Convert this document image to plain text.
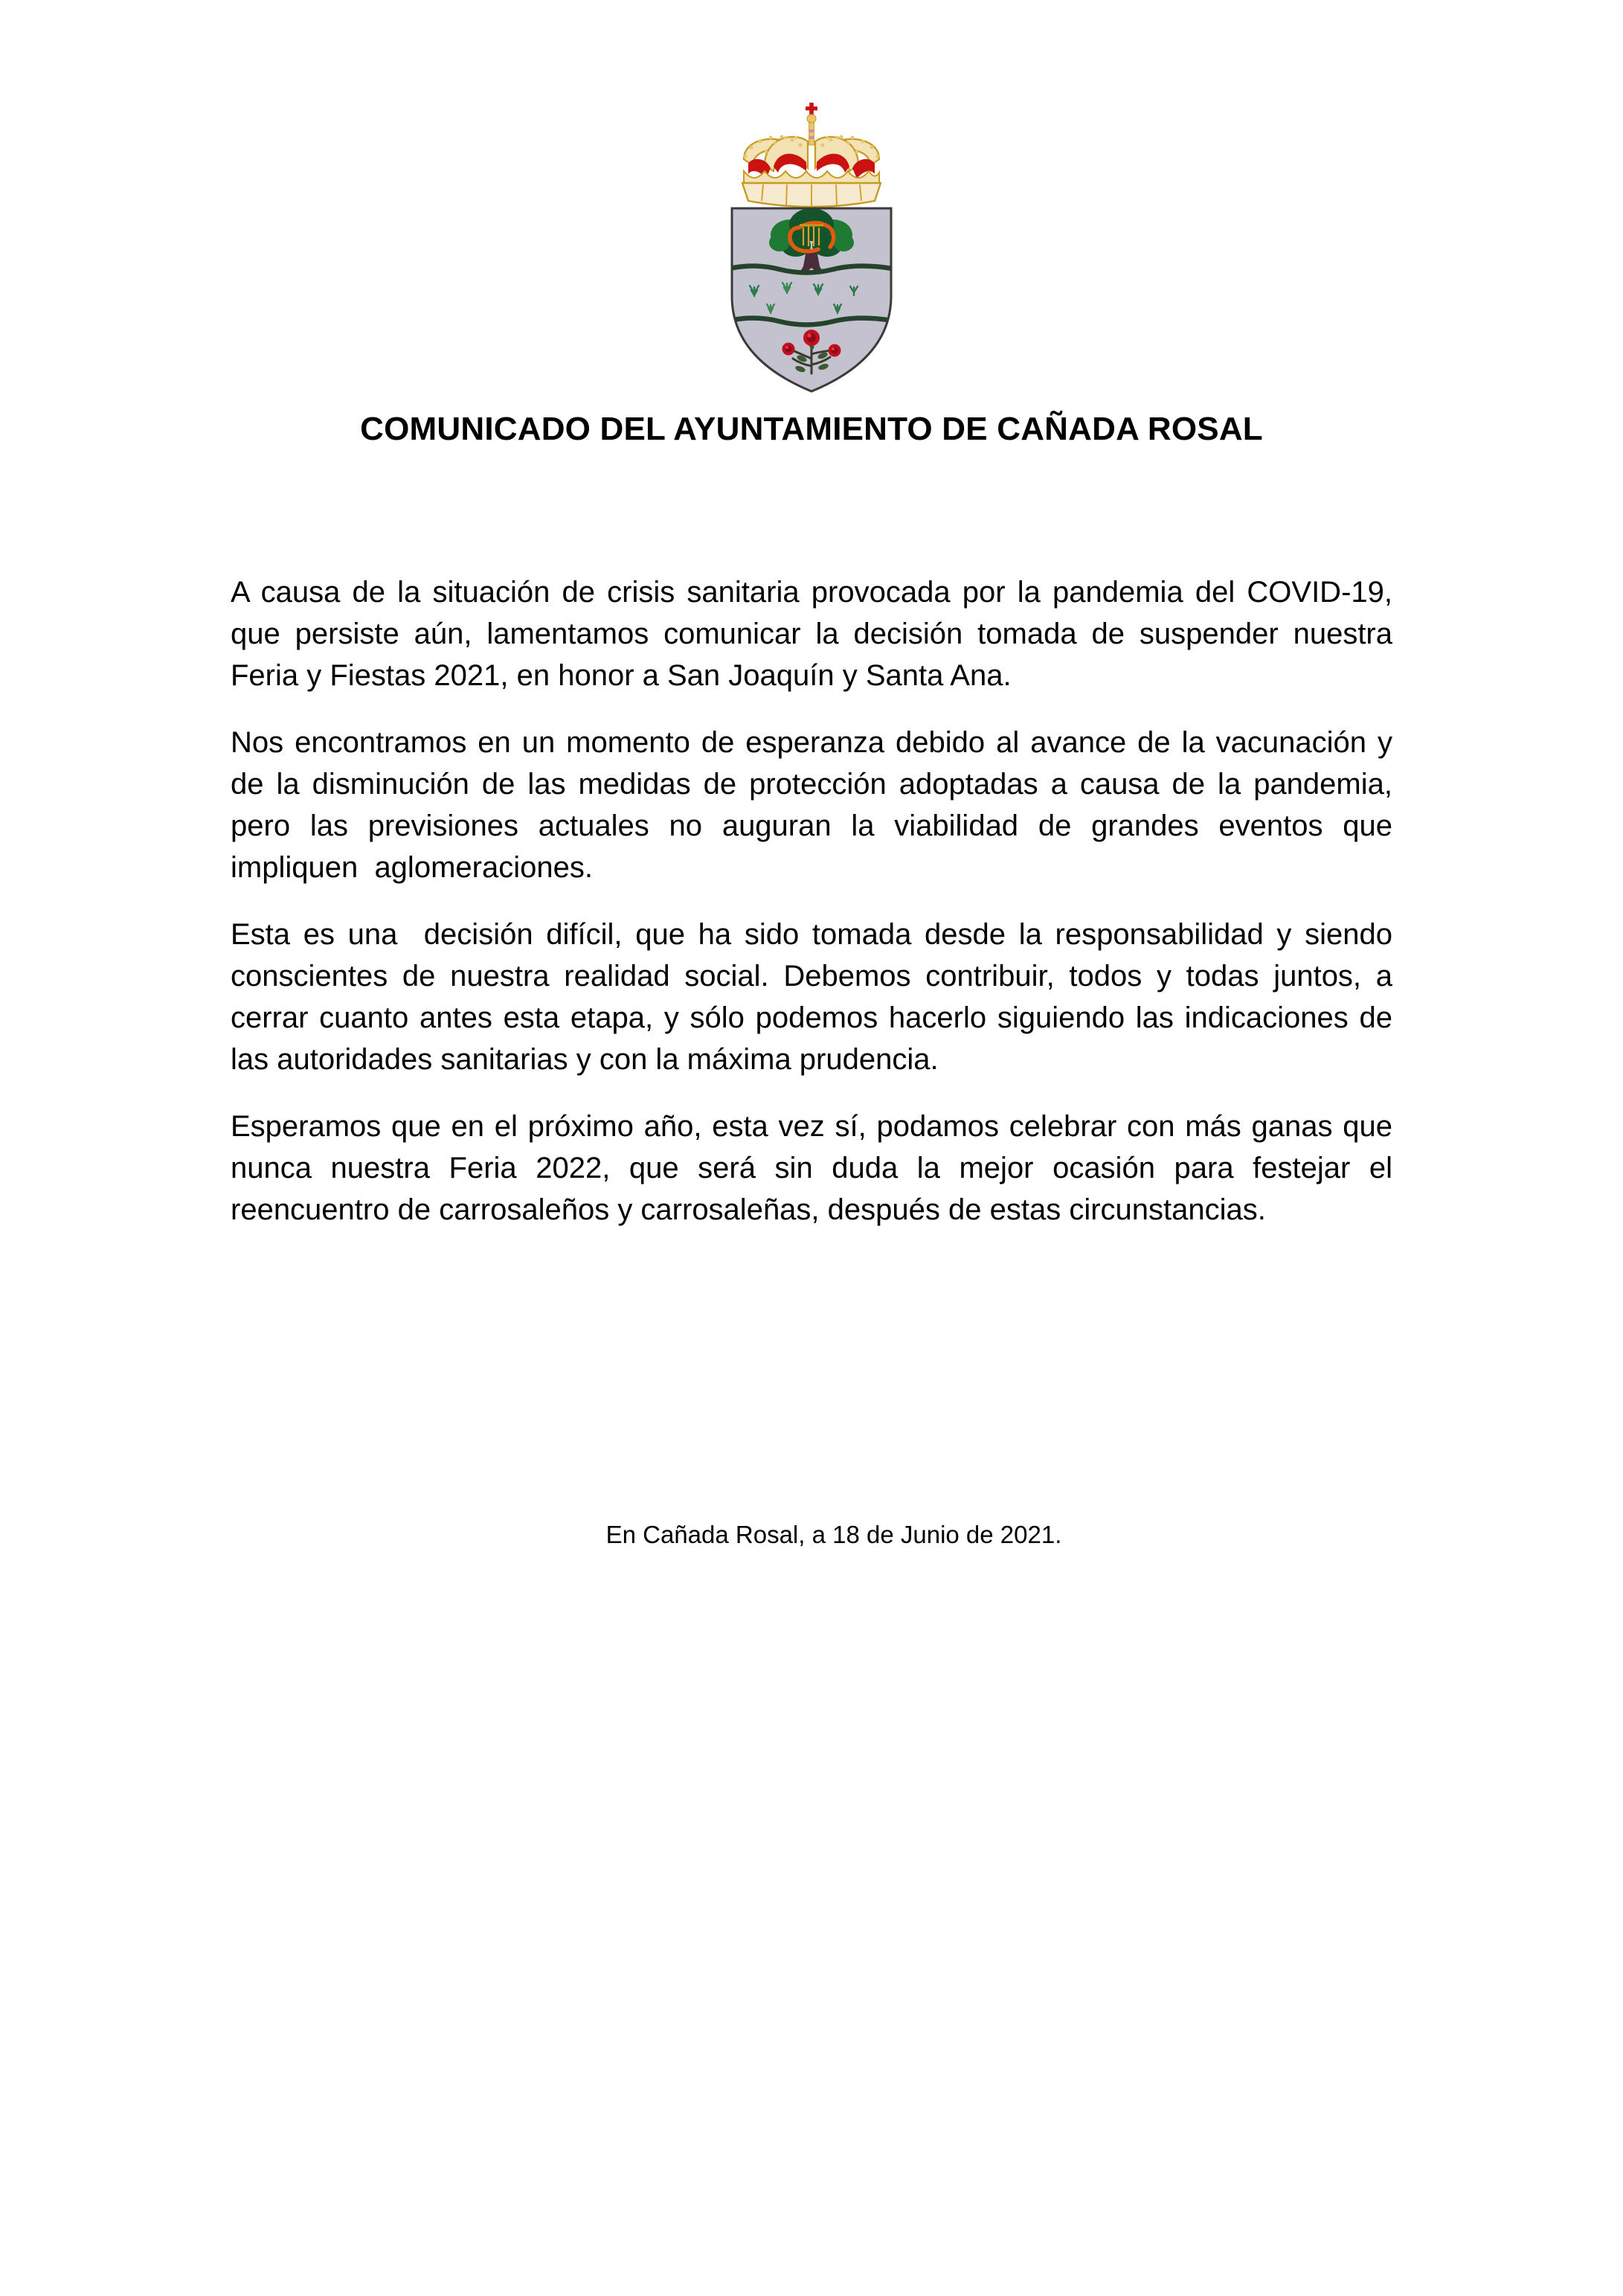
COMUNICADO DEL AYUNTAMIENTO DE CAÑADA ROSAL

A causa de la situación de crisis sanitaria provocada por la pandemia del COVID-19, que persiste aún, lamentamos comunicar la decisión tomada de suspender nuestra Feria y Fiestas 2021, en honor a San Joaquín y Santa Ana.

Nos encontramos en un momento de esperanza debido al avance de la vacunación y de la disminución de las medidas de protección adoptadas a causa de la pandemia, pero las previsiones actuales no auguran la viabilidad de grandes eventos que impliquen  aglomeraciones.

Esta es una  decisión difícil, que ha sido tomada desde la responsabilidad y siendo conscientes de nuestra realidad social. Debemos contribuir, todos y todas juntos, a cerrar cuanto antes esta etapa, y sólo podemos hacerlo siguiendo las indicaciones de las autoridades sanitarias y con la máxima prudencia.

Esperamos que en el próximo año, esta vez sí, podamos celebrar con más ganas que nunca nuestra Feria 2022, que será sin duda la mejor ocasión para festejar el reencuentro de carrosaleños y carrosaleñas, después de estas circunstancias.

En Cañada Rosal, a 18 de Junio de 2021.
